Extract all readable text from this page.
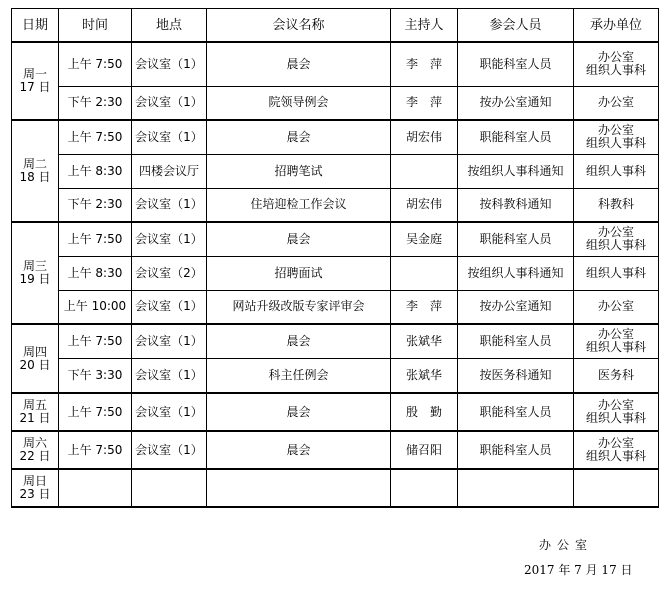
日期	时间	地点	会议名称	主持人	参会人员	承办单位

周一
17 日	上午 7:50	会议室（1）	晨会	李　萍	职能科室人员	办公室
组织人事科

	下午 2:30	会议室（1）	院领导例会	李　萍	按办公室通知	办公室

周二
18 日	上午 7:50	会议室（1）	晨会	胡宏伟	职能科室人员	办公室
组织人事科

	上午 8:30	四楼会议厅	招聘笔试		按组织人事科通知	组织人事科

	下午 2:30	会议室（1）	住培迎检工作会议	胡宏伟	按科教科通知	科教科

周三
19 日	上午 7:50	会议室（1）	晨会	吴金庭	职能科室人员	办公室
组织人事科

	上午 8:30	会议室（2）	招聘面试		按组织人事科通知	组织人事科

	上午 10:00	会议室（1）	网站升级改版专家评审会	李　萍	按办公室通知	办公室

周四
20 日	上午 7:50	会议室（1）	晨会	张斌华	职能科室人员	办公室
组织人事科

	下午 3:30	会议室（1）	科主任例会	张斌华	按医务科通知	医务科

周五
21 日	上午 7:50	会议室（1）	晨会	殷　勤	职能科室人员	办公室
组织人事科

周六
22 日	上午 7:50	会议室（1）	晨会	储召阳	职能科室人员	办公室
组织人事科

周日
23 日						

办公室
2017 年 7 月 17 日
